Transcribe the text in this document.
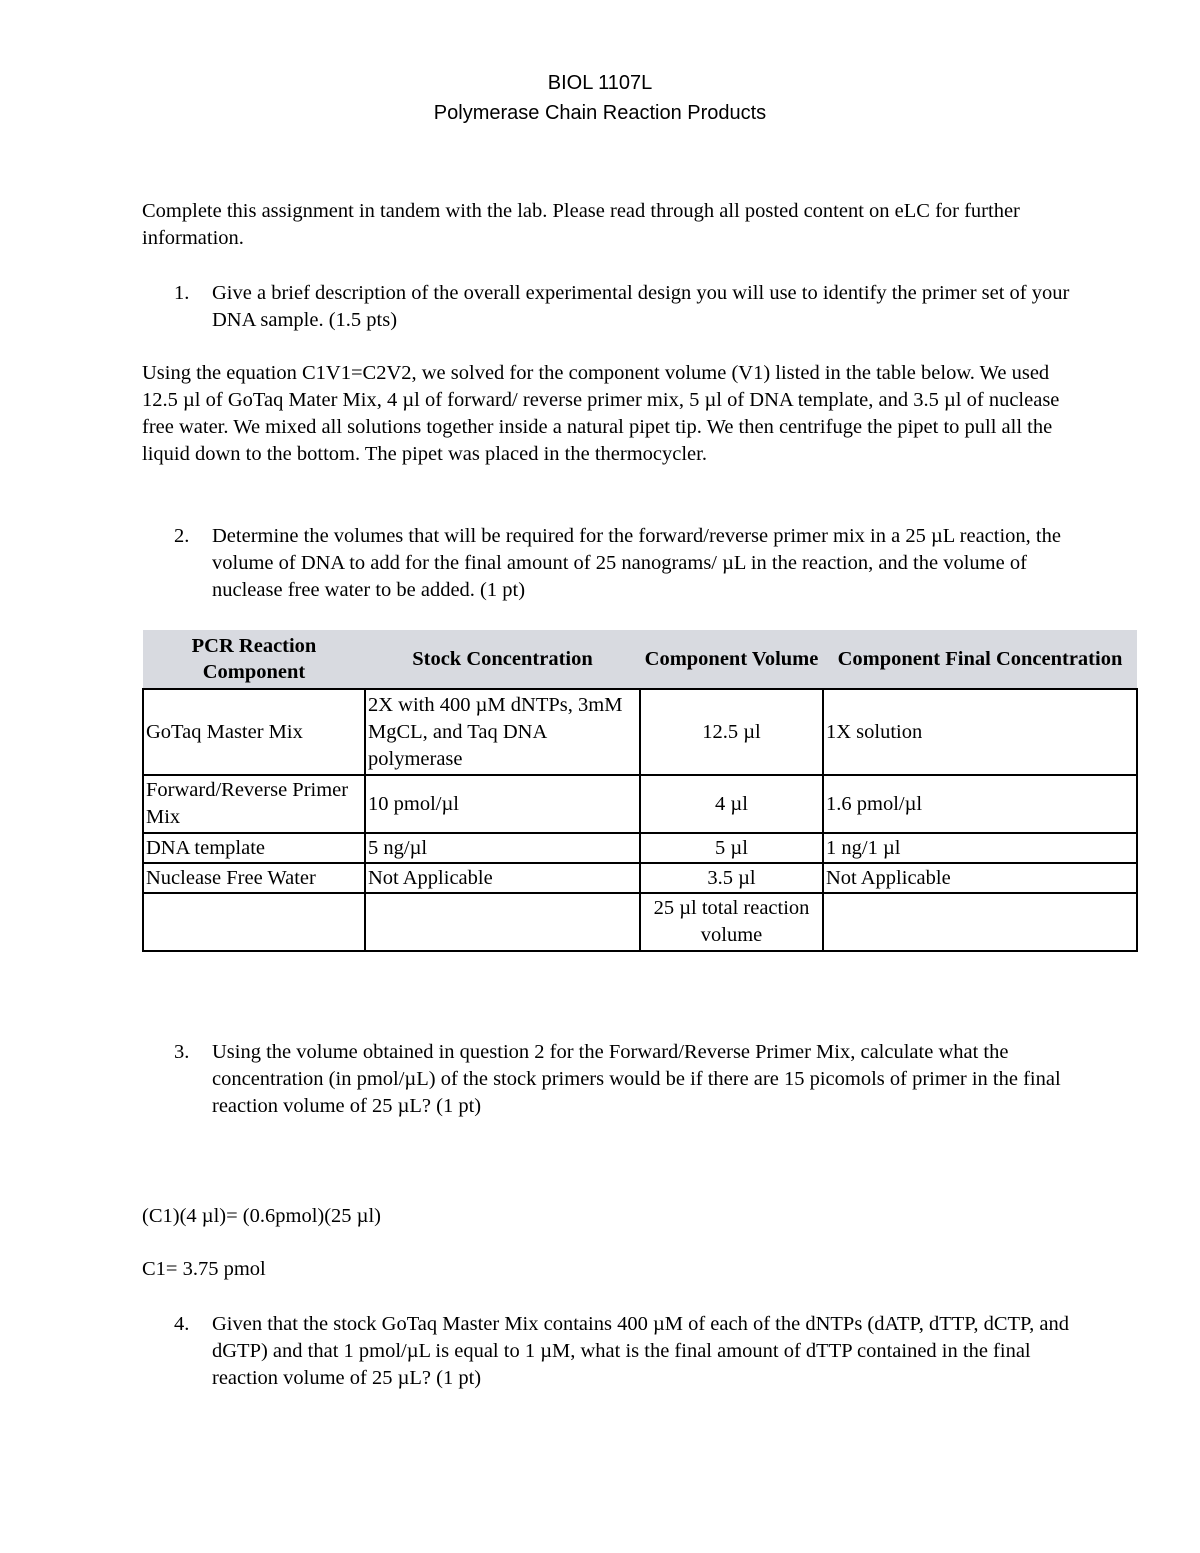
BIOL 1107L
Polymerase Chain Reaction Products

Complete this assignment in tandem with the lab. Please read through all posted content on eLC for further information.

1. Give a brief description of the overall experimental design you will use to identify the primer set of your DNA sample. (1.5 pts)

Using the equation C1V1=C2V2, we solved for the component volume (V1) listed in the table below. We used 12.5 µl of GoTaq Mater Mix, 4 µl of forward/ reverse primer mix, 5 µl of DNA template, and 3.5 µl of nuclease free water. We mixed all solutions together inside a natural pipet tip. We then centrifuge the pipet to pull all the liquid down to the bottom. The pipet was placed in the thermocycler.

2. Determine the volumes that will be required for the forward/reverse primer mix in a 25 µL reaction, the volume of DNA to add for the final amount of 25 nanograms/ µL in the reaction, and the volume of nuclease free water to be added. (1 pt)
PCR Reaction Component	Stock Concentration	Component Volume	Component Final Concentration
GoTaq Master Mix	2X with 400 µM dNTPs, 3mM MgCL, and Taq DNA polymerase	12.5 µl	1X solution
Forward/Reverse Primer Mix	10 pmol/µl	4 µl	1.6 pmol/µl
DNA template	5 ng/µl	5 µl	1 ng/1 µl
Nuclease Free Water	Not Applicable	3.5 µl	Not Applicable
		25 µl total reaction volume	
3. Using the volume obtained in question 2 for the Forward/Reverse Primer Mix, calculate what the concentration (in pmol/µL) of the stock primers would be if there are 15 picomols of primer in the final reaction volume of 25 µL? (1 pt)

(C1)(4 µl)= (0.6pmol)(25 µl)

C1= 3.75 pmol

4. Given that the stock GoTaq Master Mix contains 400 µM of each of the dNTPs (dATP, dTTP, dCTP, and dGTP) and that 1 pmol/µL is equal to 1 µM, what is the final amount of dTTP contained in the final reaction volume of 25 µL? (1 pt)
